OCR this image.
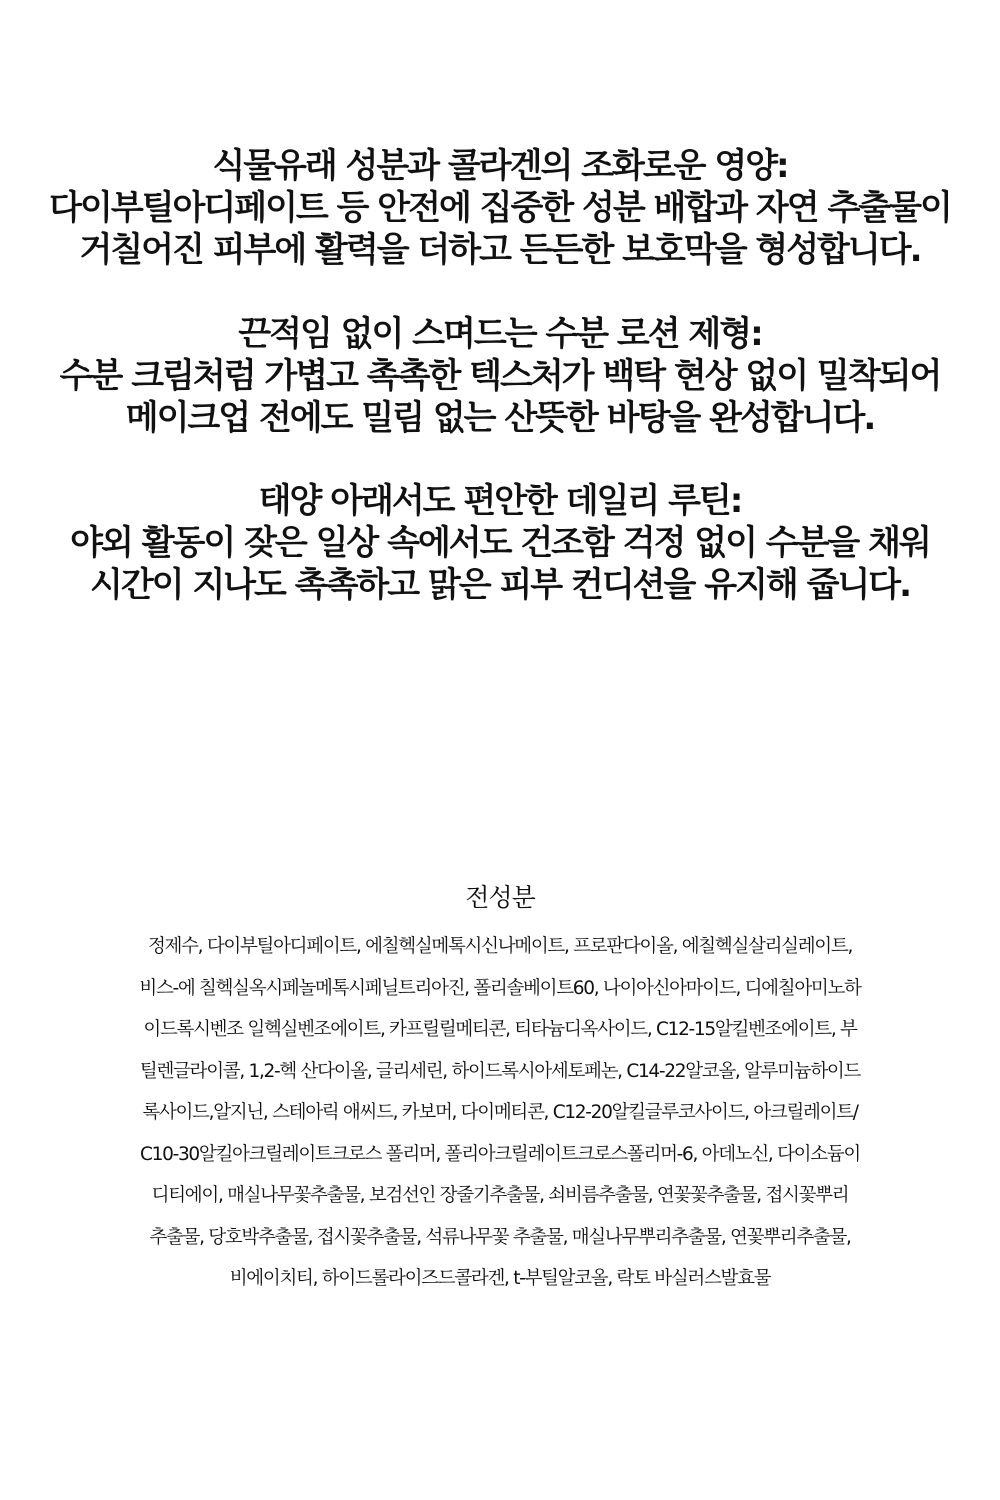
식물유래 성분과 콜라겐의 조화로운 영양:
다이부틸아디페이트 등 안전에 집중한 성분 배합과 자연 추출물이
거칠어진 피부에 활력을 더하고 든든한 보호막을 형성합니다.
끈적임 없이 스며드는 수분 로션 제형:
수분 크림처럼 가볍고 촉촉한 텍스처가 백탁 현상 없이 밀착되어
메이크업 전에도 밀림 없는 산뜻한 바탕을 완성합니다.
태양 아래서도 편안한 데일리 루틴:
야외 활동이 잦은 일상 속에서도 건조함 걱정 없이 수분을 채워
시간이 지나도 촉촉하고 맑은 피부 컨디션을 유지해 줍니다.
전성분
정제수, 다이부틸아디페이트, 에칠헥실메톡시신나메이트, 프로판다이올, 에칠헥실살리실레이트,
비스-에 칠헥실옥시페놀메톡시페닐트리아진, 폴리솔베이트60, 나이아신아마이드, 디에칠아미노하
이드록시벤조 일헥실벤조에이트, 카프릴릴메티콘, 티타늄디옥사이드, C12-15알킬벤조에이트, 부
틸렌글라이콜, 1,2-헥 산다이올, 글리세린, 하이드록시아세토페논, C14-22알코올, 알루미늄하이드
록사이드,알지닌, 스테아릭 애씨드, 카보머, 다이메티콘, C12-20알킬글루코사이드, 아크릴레이트/
C10-30알킬아크릴레이트크로스 폴리머, 폴리아크릴레이트크로스폴리머-6, 아데노신, 다이소듐이
디티에이, 매실나무꽃추출물, 보검선인 장줄기추출물, 쇠비름추출물, 연꽃꽃추출물, 접시꽃뿌리
추출물, 당호박추출물, 접시꽃추출물, 석류나무꽃 추출물, 매실나무뿌리추출물, 연꽃뿌리추출물,
비에이치티, 하이드롤라이즈드콜라겐, t-부틸알코올, 락토 바실러스발효물
